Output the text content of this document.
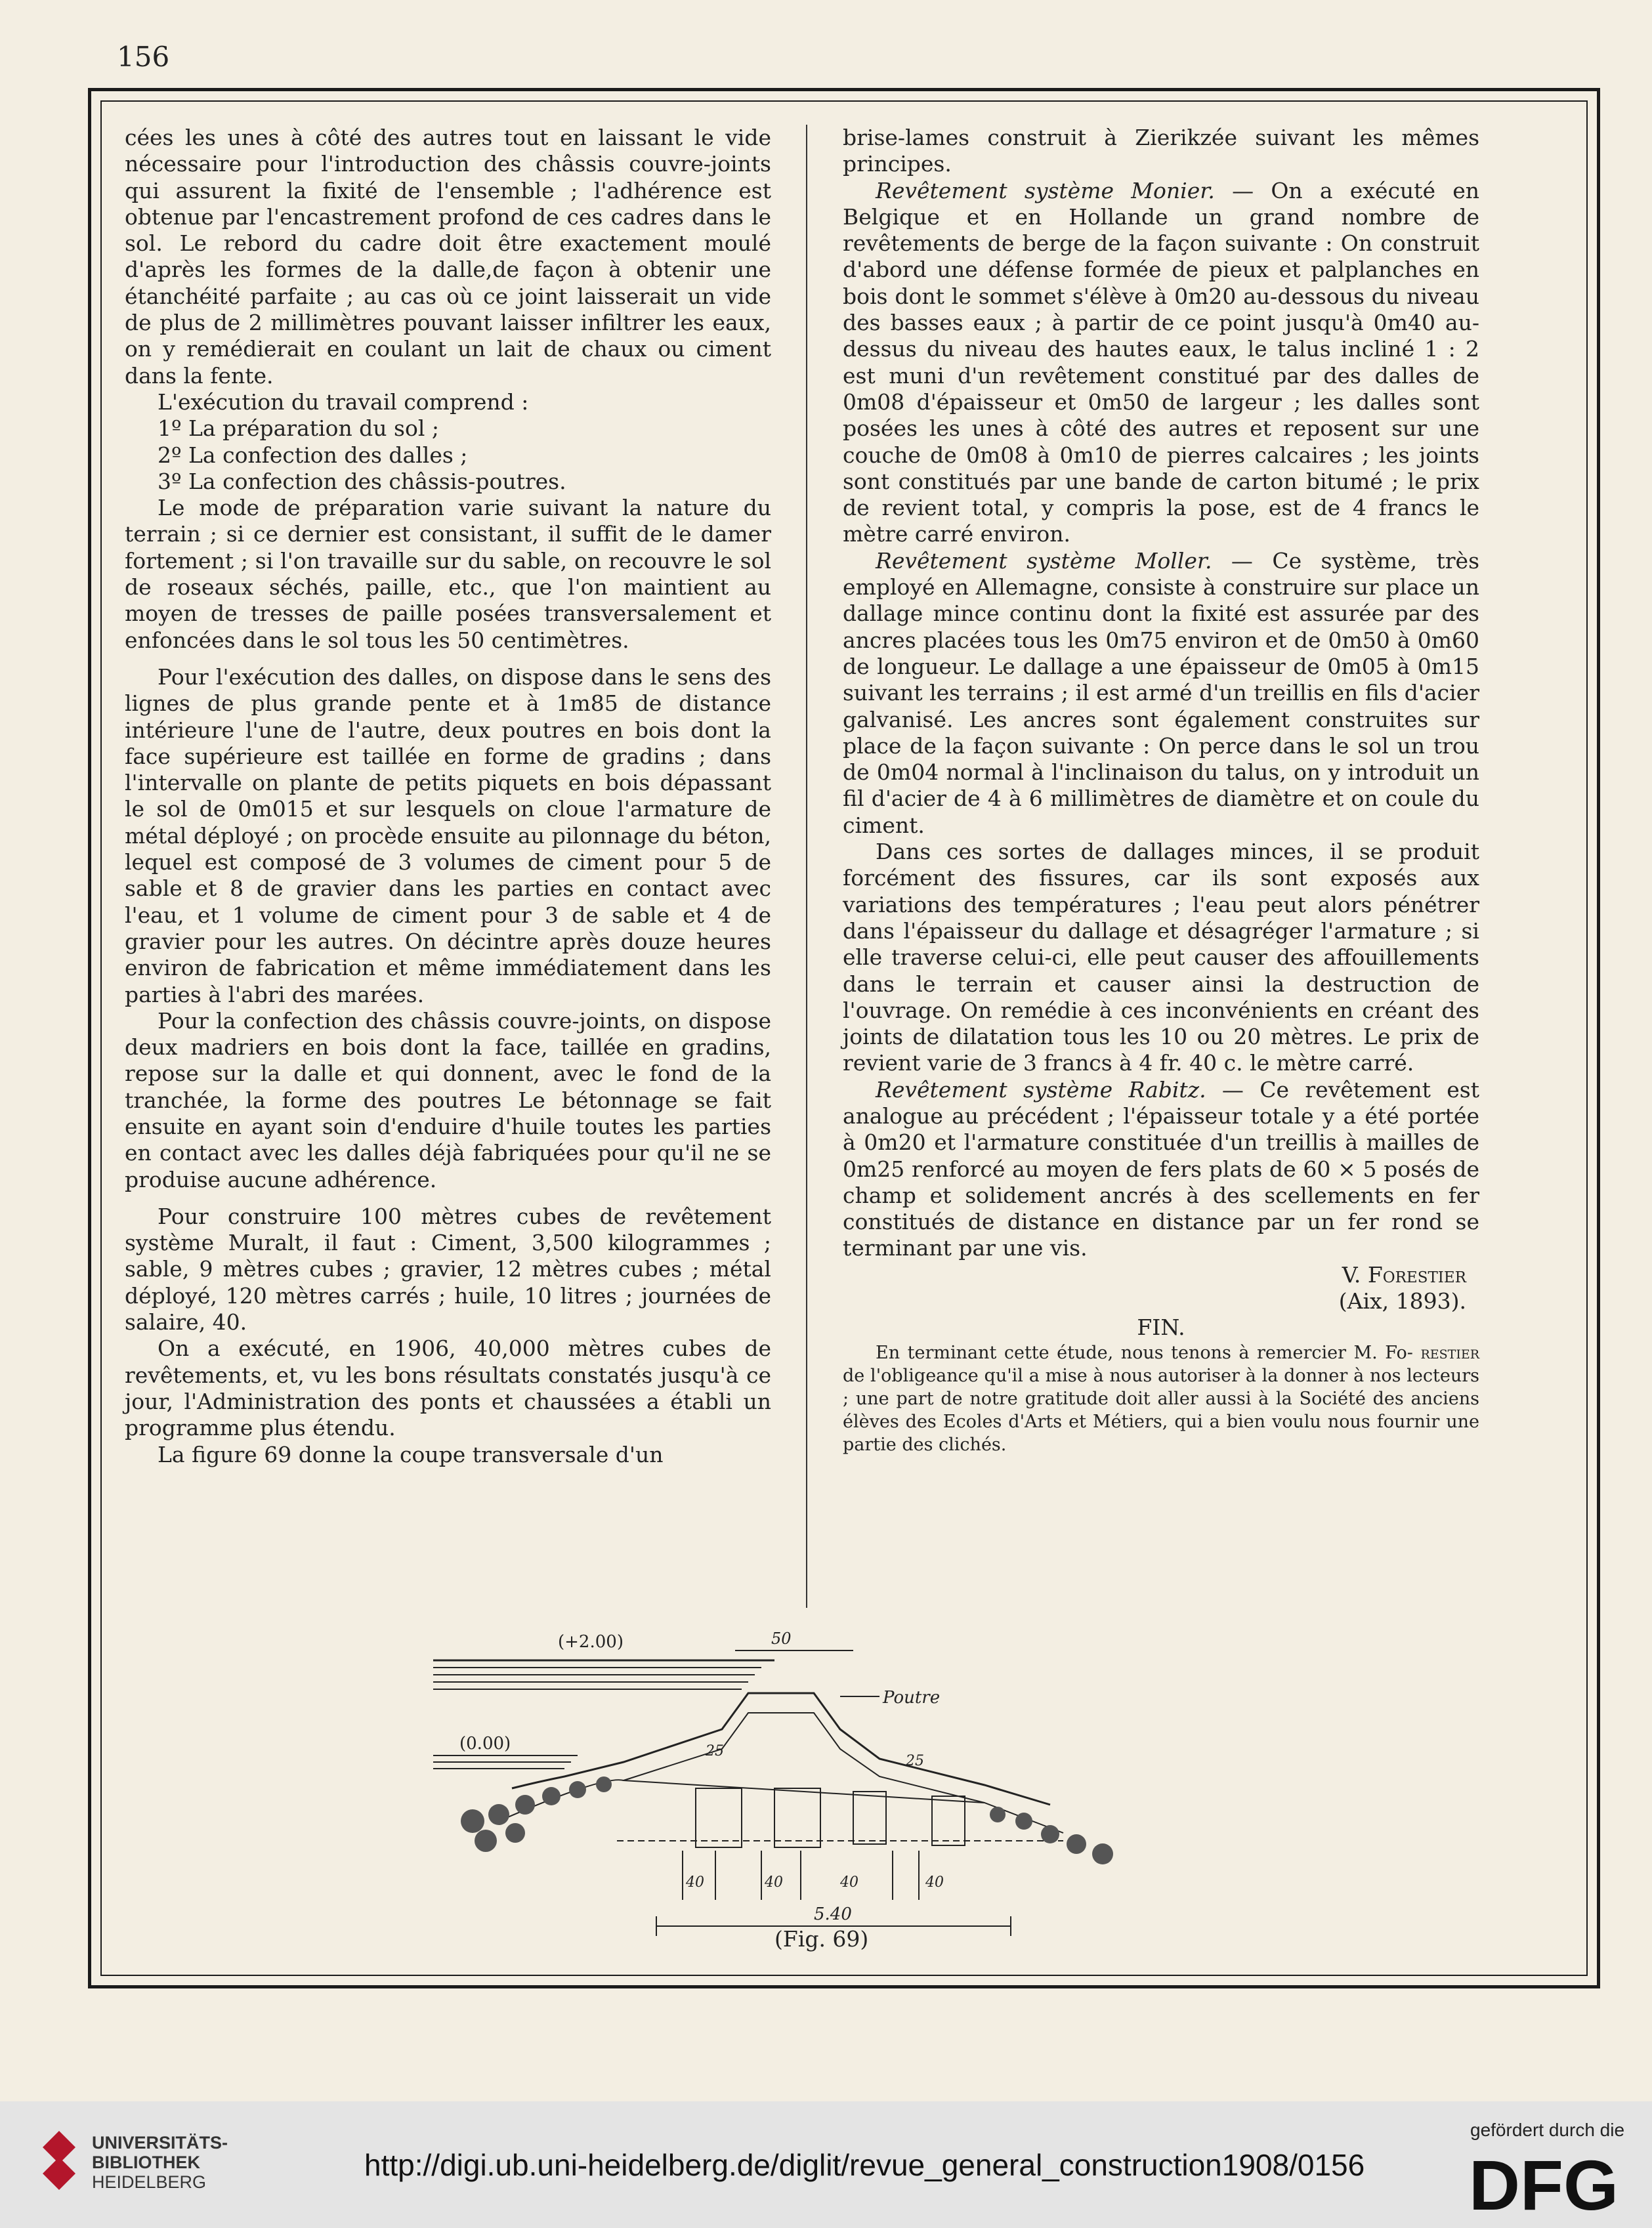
156

cées les unes à côté des autres tout en laissant le vide nécessaire pour l'introduction des châssis couvre-joints qui assurent la fixité de l'ensemble ; l'adhérence est obtenue par l'encastrement profond de ces cadres dans le sol. Le rebord du cadre doit être exactement moulé d'après les formes de la dalle,de façon à obtenir une étanchéité parfaite ; au cas où ce joint laisserait un vide de plus de 2 millimètres pouvant laisser infiltrer les eaux, on y remédierait en coulant un lait de chaux ou ciment dans la fente.

L'exécution du travail comprend :

1º La préparation du sol ;

2º La confection des dalles ;

3º La confection des châssis-poutres.

Le mode de préparation varie suivant la nature du terrain ; si ce dernier est consistant, il suffit de le damer fortement ; si l'on travaille sur du sable, on recouvre le sol de roseaux séchés, paille, etc., que l'on maintient au moyen de tresses de paille posées transversalement et enfoncées dans le sol tous les 50 centimètres.

Pour l'exécution des dalles, on dispose dans le sens des lignes de plus grande pente et à 1m85 de distance intérieure l'une de l'autre, deux poutres en bois dont la face supérieure est taillée en forme de gradins ; dans l'intervalle on plante de petits piquets en bois dépassant le sol de 0m015 et sur lesquels on cloue l'armature de métal déployé ; on procède ensuite au pilonnage du béton, lequel est composé de 3 volumes de ciment pour 5 de sable et 8 de gravier dans les parties en contact avec l'eau, et 1 volume de ciment pour 3 de sable et 4 de gravier pour les autres. On décintre après douze heures environ de fabrication et même immédiatement dans les parties à l'abri des marées.

Pour la confection des châssis couvre-joints, on dispose deux madriers en bois dont la face, taillée en gradins, repose sur la dalle et qui donnent, avec le fond de la tranchée, la forme des poutres Le bétonnage se fait ensuite en ayant soin d'enduire d'huile toutes les parties en contact avec les dalles déjà fabriquées pour qu'il ne se produise aucune adhérence.

Pour construire 100 mètres cubes de revêtement système Muralt, il faut : Ciment, 3,500 kilogrammes ; sable, 9 mètres cubes ; gravier, 12 mètres cubes ; métal déployé, 120 mètres carrés ; huile, 10 litres ; journées de salaire, 40.

On a exécuté, en 1906, 40,000 mètres cubes de revêtements, et, vu les bons résultats constatés jusqu'à ce jour, l'Administration des ponts et chaussées a établi un programme plus étendu.

La figure 69 donne la coupe transversale d'un

brise-lames construit à Zierikzée suivant les mêmes principes.

Revêtement système Monier. — On a exécuté en Belgique et en Hollande un grand nombre de revêtements de berge de la façon suivante : On construit d'abord une défense formée de pieux et palplanches en bois dont le sommet s'élève à 0m20 au-dessous du niveau des basses eaux ; à partir de ce point jusqu'à 0m40 au-dessus du niveau des hautes eaux, le talus incliné 1 : 2 est muni d'un revêtement constitué par des dalles de 0m08 d'épaisseur et 0m50 de largeur ; les dalles sont posées les unes à côté des autres et reposent sur une couche de 0m08 à 0m10 de pierres calcaires ; les joints sont constitués par une bande de carton bitumé ; le prix de revient total, y compris la pose, est de 4 francs le mètre carré environ.

Revêtement système Moller. — Ce système, très employé en Allemagne, consiste à construire sur place un dallage mince continu dont la fixité est assurée par des ancres placées tous les 0m75 environ et de 0m50 à 0m60 de longueur. Le dallage a une épaisseur de 0m05 à 0m15 suivant les terrains ; il est armé d'un treillis en fils d'acier galvanisé. Les ancres sont également construites sur place de la façon suivante : On perce dans le sol un trou de 0m04 normal à l'inclinaison du talus, on y introduit un fil d'acier de 4 à 6 millimètres de diamètre et on coule du ciment.

Dans ces sortes de dallages minces, il se produit forcément des fissures, car ils sont exposés aux variations des températures ; l'eau peut alors pénétrer dans l'épaisseur du dallage et désagréger l'armature ; si elle traverse celui-ci, elle peut causer des affouillements dans le terrain et causer ainsi la destruction de l'ouvrage. On remédie à ces inconvénients en créant des joints de dilatation tous les 10 ou 20 mètres. Le prix de revient varie de 3 francs à 4 fr. 40 c. le mètre carré.

Revêtement système Rabitz. — Ce revêtement est analogue au précédent ; l'épaisseur totale y a été portée à 0m20 et l'armature constituée d'un treillis à mailles de 0m25 renforcé au moyen de fers plats de 60 × 5 posés de champ et solidement ancrés à des scellements en fer constitués de distance en distance par un fer rond se terminant par une vis.

V. Forestier

(Aix, 1893).

FIN.

En terminant cette étude, nous tenons à remercier M. Fo- restier de l'obligeance qu'il a mise à nous autoriser à la donner à nos lecteurs ; une part de notre gratitude doit aller aussi à la Société des anciens élèves des Ecoles d'Arts et Métiers, qui a bien voulu nous fournir une partie des clichés.

(+2.00)
(0.00)
50
Poutre
25
25
40	40	40	40
5.40
(Fig. 69)
UNIVERSITÄTS-
BIBLIOTHEK
HEIDELBERG	http://digi.ub.uni-heidelberg.de/diglit/revue_general_construction1908/0156
gefördert durch die
DFG
